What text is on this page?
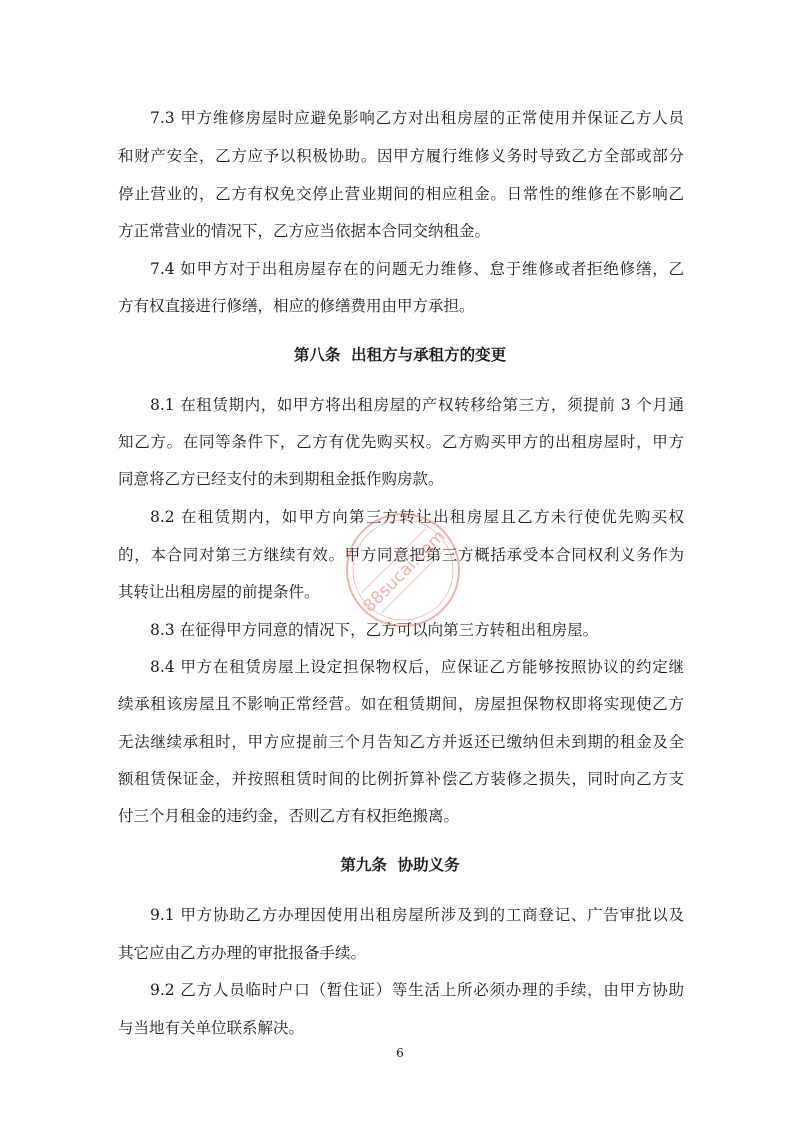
7.3 甲方维修房屋时应避免影响乙方对出租房屋的正常使用并保证乙方人员
和财产安全，乙方应予以积极协助。因甲方履行维修义务时导致乙方全部或部分
停止营业的，乙方有权免交停止营业期间的相应租金。日常性的维修在不影响乙
方正常营业的情况下，乙方应当依据本合同交纳租金。
7.4 如甲方对于出租房屋存在的问题无力维修、怠于维修或者拒绝修缮，乙
方有权直接进行修缮，相应的修缮费用由甲方承担。
第八条  出租方与承租方的变更
8.1 在租赁期内，如甲方将出租房屋的产权转移给第三方，须提前 3 个月通
知乙方。在同等条件下，乙方有优先购买权。乙方购买甲方的出租房屋时，甲方
同意将乙方已经支付的未到期租金抵作购房款。
8.2 在租赁期内，如甲方向第三方转让出租房屋且乙方未行使优先购买权
的，本合同对第三方继续有效。甲方同意把第三方概括承受本合同权利义务作为
其转让出租房屋的前提条件。
8.3 在征得甲方同意的情况下，乙方可以向第三方转租出租房屋。
8.4 甲方在租赁房屋上设定担保物权后，应保证乙方能够按照协议的约定继
续承租该房屋且不影响正常经营。如在租赁期间，房屋担保物权即将实现使乙方
无法继续承租时，甲方应提前三个月告知乙方并返还已缴纳但未到期的租金及全
额租赁保证金，并按照租赁时间的比例折算补偿乙方装修之损失，同时向乙方支
付三个月租金的违约金，否则乙方有权拒绝搬离。
第九条  协助义务
9.1 甲方协助乙方办理因使用出租房屋所涉及到的工商登记、广告审批以及
其它应由乙方办理的审批报备手续。
9.2 乙方人员临时户口（暂住证）等生活上所必须办理的手续，由甲方协助
与当地有关单位联系解决。
6
88sucai.com
